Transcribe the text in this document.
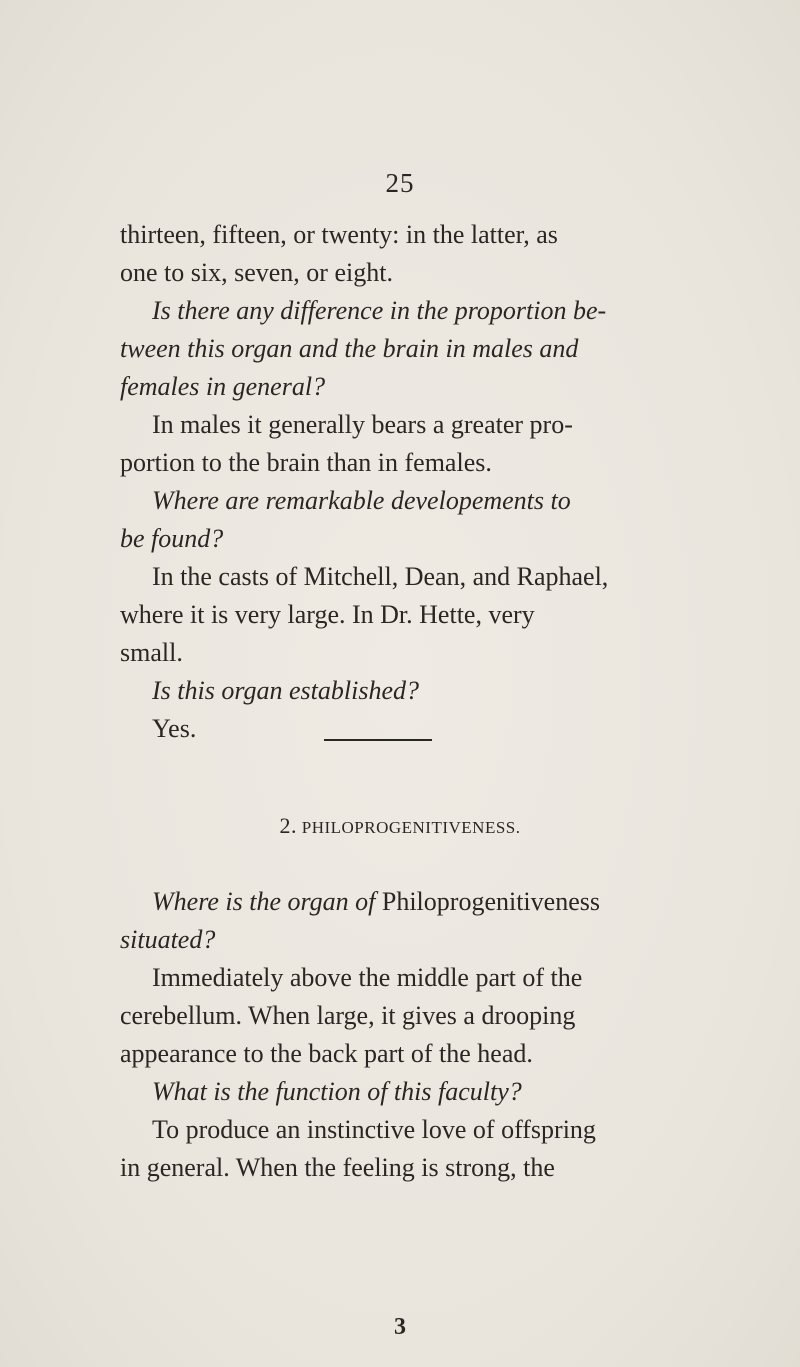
25
thirteen, fifteen, or twenty: in the latter, as
one to six, seven, or eight.
Is there any difference in the proportion be-
tween this organ and the brain in males and
females in general?
In males it generally bears a greater pro-
portion to the brain than in females.
Where are remarkable developements to
be found?
In the casts of Mitchell, Dean, and Raphael,
where it is very large. In Dr. Hette, very
small.
Is this organ established?
Yes.
2. PHILOPROGENITIVENESS.
Where is the organ of Philoprogenitiveness
situated?
Immediately above the middle part of the
cerebellum. When large, it gives a drooping
appearance to the back part of the head.
What is the function of this faculty?
To produce an instinctive love of offspring
in general. When the feeling is strong, the
3
